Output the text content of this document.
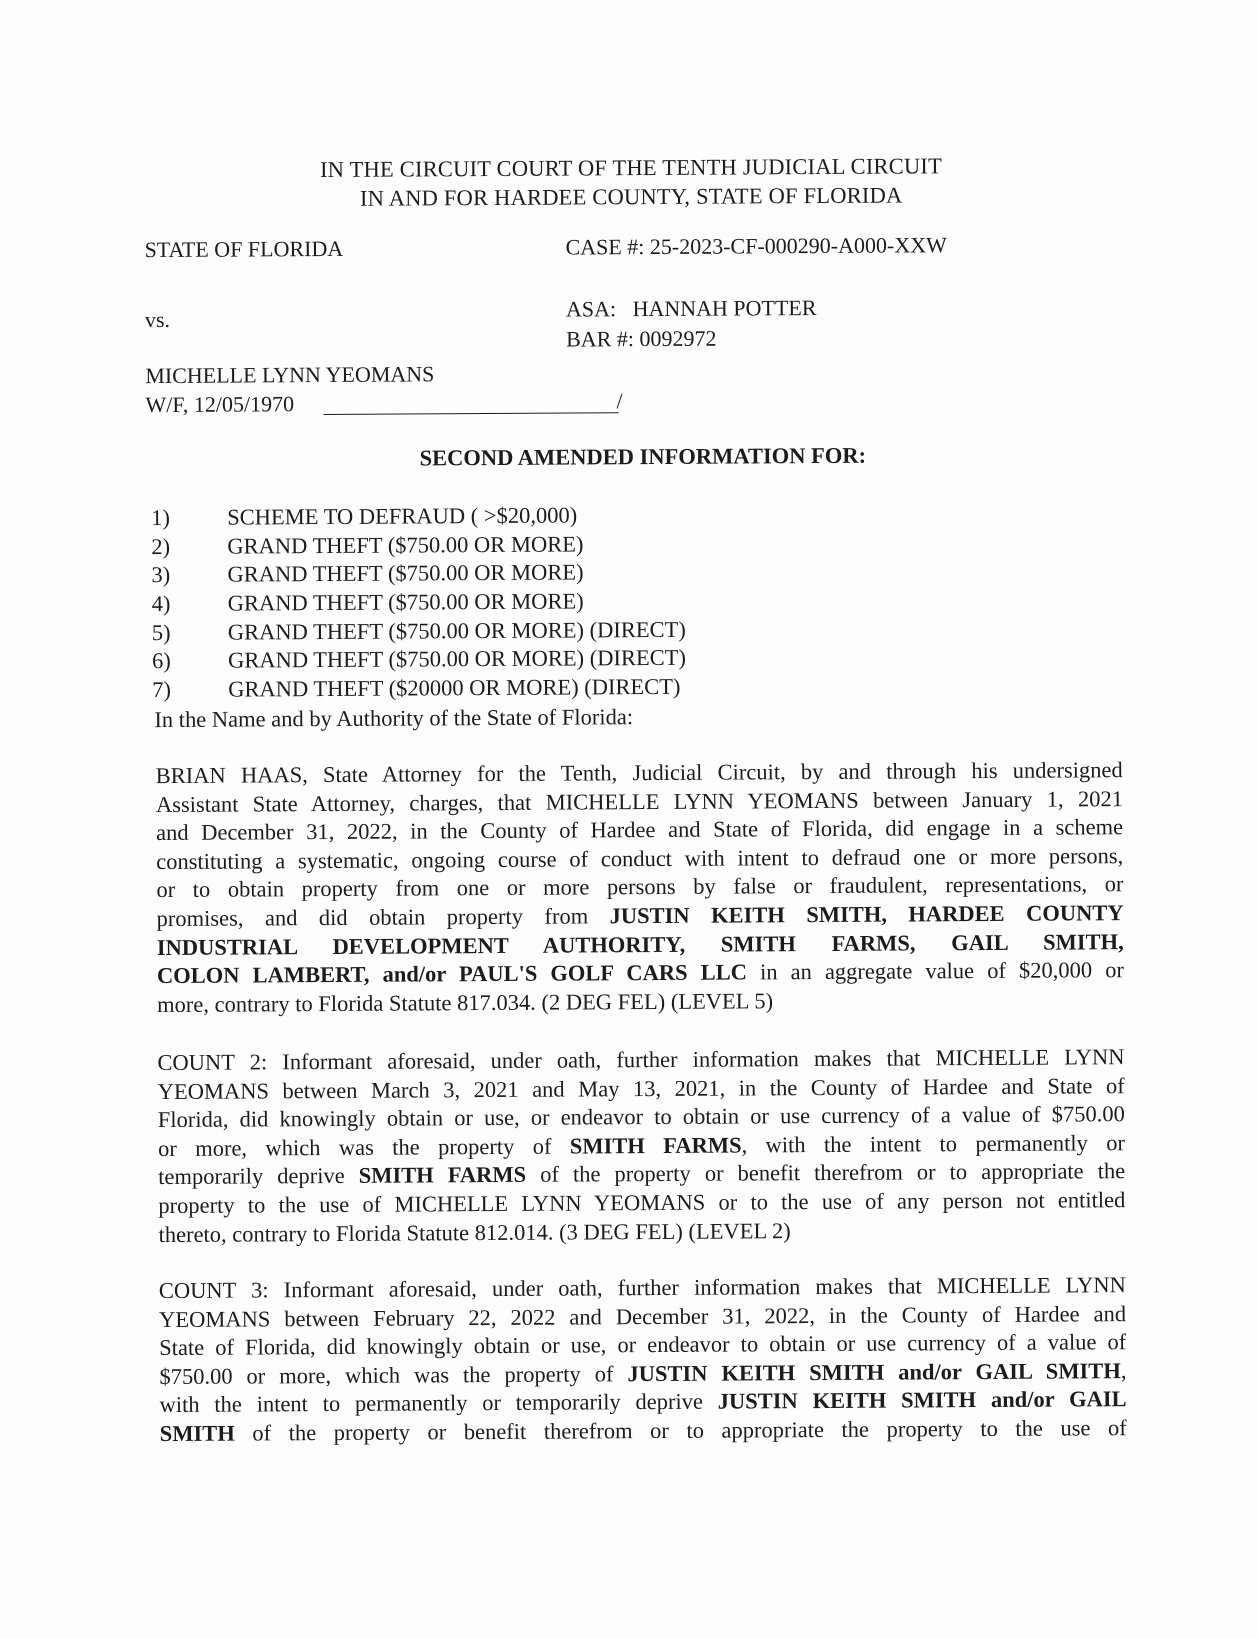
IN THE CIRCUIT COURT OF THE TENTH JUDICIAL CIRCUIT
IN AND FOR HARDEE COUNTY, STATE OF FLORIDA
STATE OF FLORIDA	CASE #: 25-2023-CF-000290-A000-XXW
vs.	ASA:   HANNAH POTTER
BAR #: 0092972
MICHELLE LYNN YEOMANS
W/F, 12/05/1970	/
SECOND AMENDED INFORMATION FOR:
1)	SCHEME TO DEFRAUD ( >$20,000)
2)	GRAND THEFT ($750.00 OR MORE)
3)	GRAND THEFT ($750.00 OR MORE)
4)	GRAND THEFT ($750.00 OR MORE)
5)	GRAND THEFT ($750.00 OR MORE) (DIRECT)
6)	GRAND THEFT ($750.00 OR MORE) (DIRECT)
7)	GRAND THEFT ($20000 OR MORE) (DIRECT)
In the Name and by Authority of the State of Florida:
BRIAN HAAS, State Attorney for the Tenth, Judicial Circuit, by and through his undersigned
Assistant State Attorney, charges, that MICHELLE LYNN YEOMANS between January 1, 2021
and December 31, 2022, in the County of Hardee and State of Florida, did engage in a scheme
constituting a systematic, ongoing course of conduct with intent to defraud one or more persons,
or to obtain property from one or more persons by false or fraudulent, representations, or
promises, and did obtain property from JUSTIN KEITH SMITH, HARDEE COUNTY
INDUSTRIAL DEVELOPMENT AUTHORITY, SMITH FARMS, GAIL SMITH,
COLON LAMBERT, and/or PAUL'S GOLF CARS LLC in an aggregate value of $20,000 or
more, contrary to Florida Statute 817.034. (2 DEG FEL) (LEVEL 5)
COUNT 2: Informant aforesaid, under oath, further information makes that MICHELLE LYNN
YEOMANS between March 3, 2021 and May 13, 2021, in the County of Hardee and State of
Florida, did knowingly obtain or use, or endeavor to obtain or use currency of a value of $750.00
or more, which was the property of SMITH FARMS, with the intent to permanently or
temporarily deprive SMITH FARMS of the property or benefit therefrom or to appropriate the
property to the use of MICHELLE LYNN YEOMANS or to the use of any person not entitled
thereto, contrary to Florida Statute 812.014. (3 DEG FEL) (LEVEL 2)
COUNT 3: Informant aforesaid, under oath, further information makes that MICHELLE LYNN
YEOMANS between February 22, 2022 and December 31, 2022, in the County of Hardee and
State of Florida, did knowingly obtain or use, or endeavor to obtain or use currency of a value of
$750.00 or more, which was the property of JUSTIN KEITH SMITH and/or GAIL SMITH,
with the intent to permanently or temporarily deprive JUSTIN KEITH SMITH and/or GAIL
SMITH of the property or benefit therefrom or to appropriate the property to the use of
